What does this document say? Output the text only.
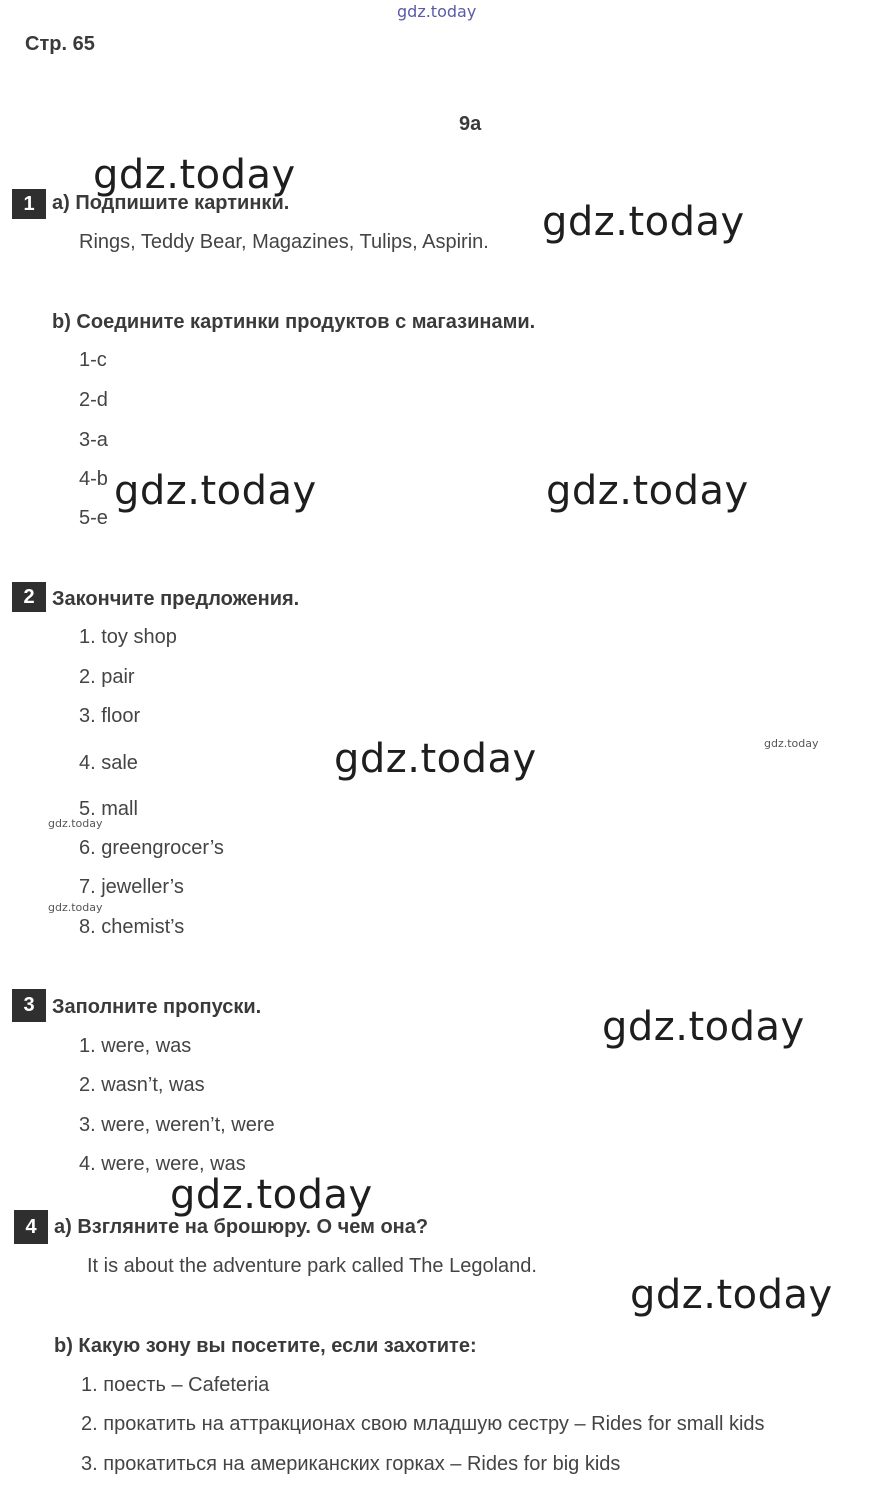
gdz.today
Стр. 65
9a
1 a) Подпишите картинки.
Rings, Teddy Bear, Magazines, Tulips, Aspirin.
b) Соедините картинки продуктов с магазинами.
1-c
2-d
3-a
4-b
5-e
2 Закончите предложения.
1. toy shop
2. pair
3. floor
4. sale
5. mall
6. greengrocer’s
7. jeweller’s
8. chemist’s
3 Заполните пропуски.
1. were, was
2. wasn’t, was
3. were, weren’t, were
4. were, were, was
4 a) Взгляните на брошюру. О чем она?
It is about the adventure park called The Legoland.
b) Какую зону вы посетите, если захотите:
1. поесть – Cafeteria
2. прокатить на аттракционах свою младшую сестру – Rides for small kids
3. прокатиться на американских горках – Rides for big kids
gdz.today
gdz.today
gdz.today	gdz.today
gdz.today
gdz.today
gdz.today
gdz.today
gdz.today
gdz.today
gdz.today
